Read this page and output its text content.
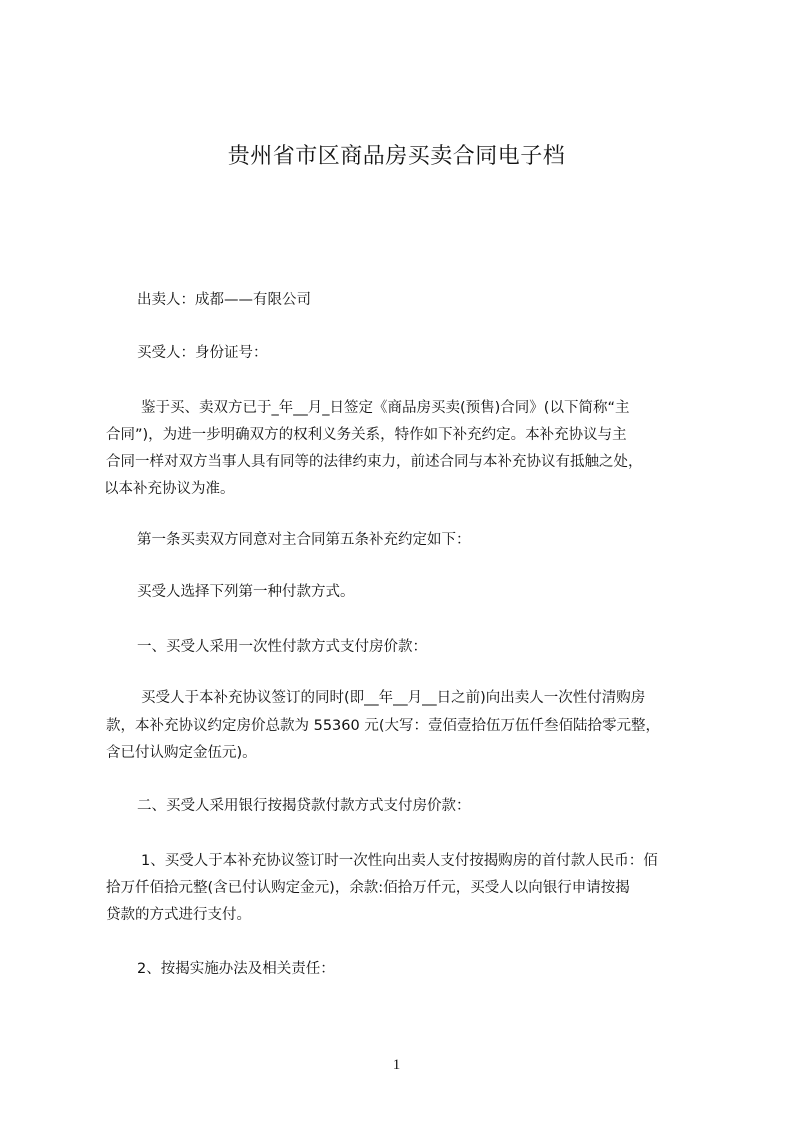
贵州省市区商品房买卖合同电子档
出卖人：成都——有限公司
买受人：身份证号：
鉴于买、卖双方已于_年__月_日签定《商品房买卖(预售)合同》(以下简称“主
合同”)，为进一步明确双方的权利义务关系，特作如下补充约定。本补充协议与主
合同一样对双方当事人具有同等的法律约束力，前述合同与本补充协议有抵触之处，
以本补充协议为准。
第一条买卖双方同意对主合同第五条补充约定如下：
买受人选择下列第一种付款方式。
一、买受人采用一次性付款方式支付房价款：
买受人于本补充协议签订的同时(即__年__月__日之前)向出卖人一次性付清购房
款，本补充协议约定房价总款为 55360 元(大写：壹佰壹拾伍万伍仟叁佰陆拾零元整，
含已付认购定金伍元)。
二、买受人采用银行按揭贷款付款方式支付房价款：
1、买受人于本补充协议签订时一次性向出卖人支付按揭购房的首付款人民币：佰
拾万仟佰拾元整(含已付认购定金元)，余款:佰拾万仟元，买受人以向银行申请按揭
贷款的方式进行支付。
2、按揭实施办法及相关责任：
1
